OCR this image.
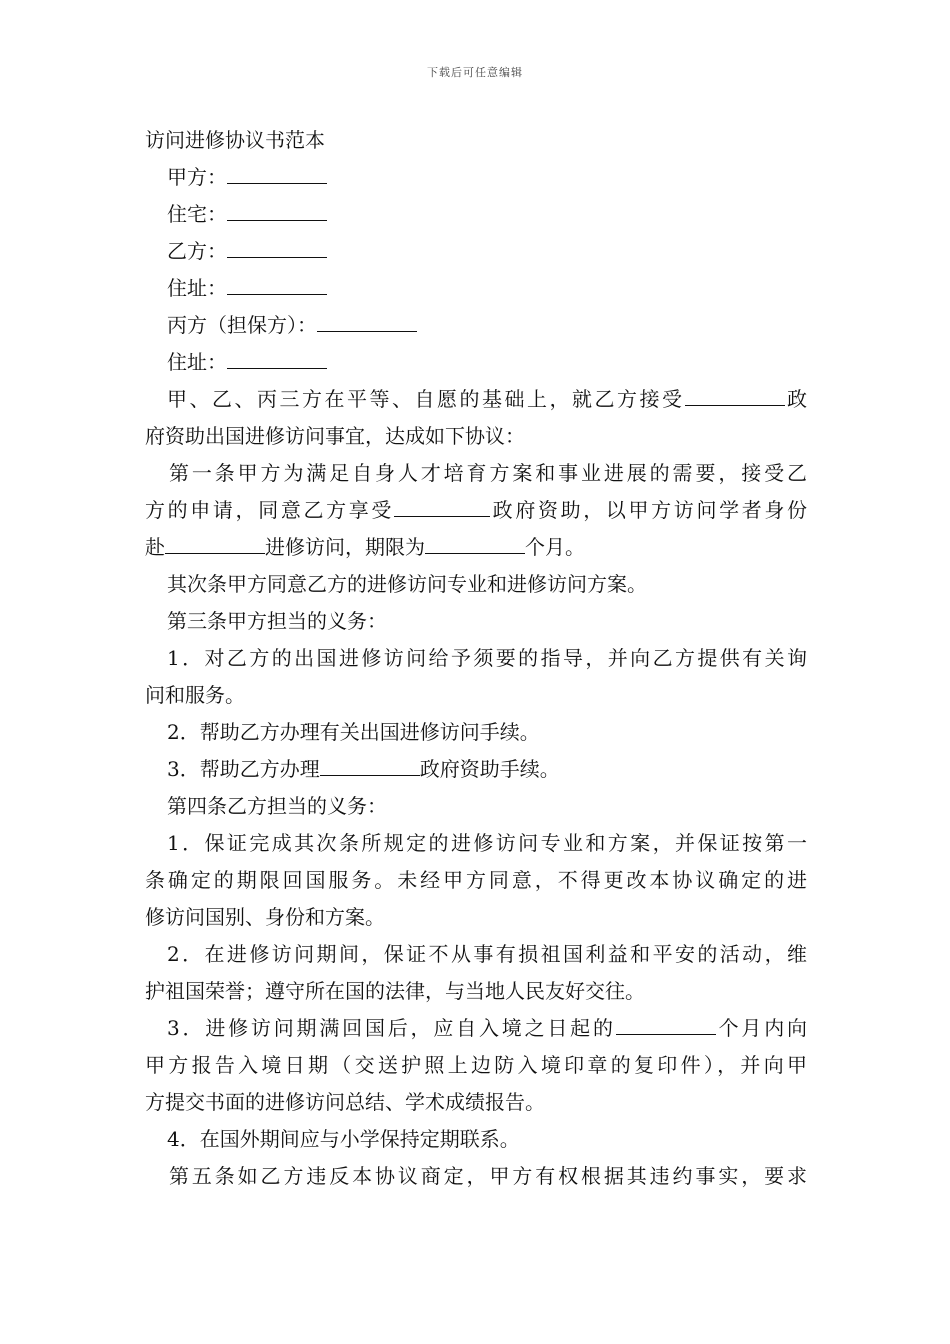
下载后可任意编辑
访问进修协议书范本
甲方：
住宅：
乙方：
住址：
丙方（担保方）：
住址：
甲、乙、丙三方在平等、自愿的基础上，就乙方接受	政
府资助出国进修访问事宜，达成如下协议：
第一条甲方为满足自身人才培育方案和事业进展的需要，接受乙
方的申请，同意乙方享受	政府资助，以甲方访问学者身份
赴	进修访问，期限为	个月。
其次条甲方同意乙方的进修访问专业和进修访问方案。
第三条甲方担当的义务：
1．对乙方的出国进修访问给予须要的指导，并向乙方提供有关询
问和服务。
2．帮助乙方办理有关出国进修访问手续。
3．帮助乙方办理	政府资助手续。
第四条乙方担当的义务：
1．保证完成其次条所规定的进修访问专业和方案，并保证按第一
条确定的期限回国服务。未经甲方同意，不得更改本协议确定的进
修访问国别、身份和方案。
2．在进修访问期间，保证不从事有损祖国利益和平安的活动，维
护祖国荣誉；遵守所在国的法律，与当地人民友好交往。
3．进修访问期满回国后，应自入境之日起的	个月内向
甲方报告入境日期（交送护照上边防入境印章的复印件），并向甲
方提交书面的进修访问总结、学术成绩报告。
4．在国外期间应与小学保持定期联系。
第五条如乙方违反本协议商定，甲方有权根据其违约事实，要求
